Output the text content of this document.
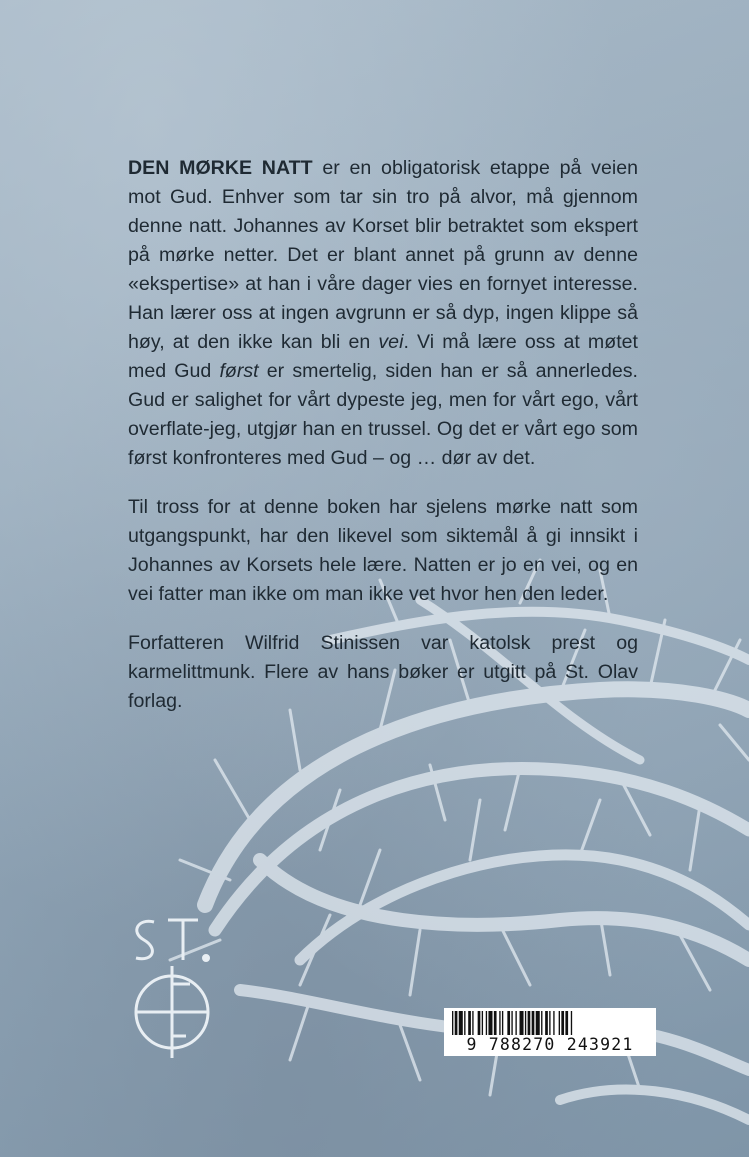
DEN MØRKE NATT er en obligatorisk etappe på veien mot Gud. Enhver som tar sin tro på alvor, må gjennom denne natt. Johannes av Korset blir betraktet som ekspert på mørke netter. Det er blant annet på grunn av denne «ekspertise» at han i våre dager vies en fornyet interesse. Han lærer oss at ingen avgrunn er så dyp, ingen klippe så høy, at den ikke kan bli en vei. Vi må lære oss at møtet med Gud først er smertelig, siden han er så annerledes. Gud er salighet for vårt dypeste jeg, men for vårt ego, vårt overflate-jeg, utgjør han en trussel. Og det er vårt ego som først konfronteres med Gud – og … dør av det.

Til tross for at denne boken har sjelens mørke natt som utgangspunkt, har den likevel som siktemål å gi innsikt i Johannes av Korsets hele lære. Natten er jo en vei, og en vei fatter man ikke om man ikke vet hvor hen den leder.

Forfatteren Wilfrid Stinissen var katolsk prest og karmelittmunk. Flere av hans bøker er utgitt på St. Olav forlag.

9 788270 243921
